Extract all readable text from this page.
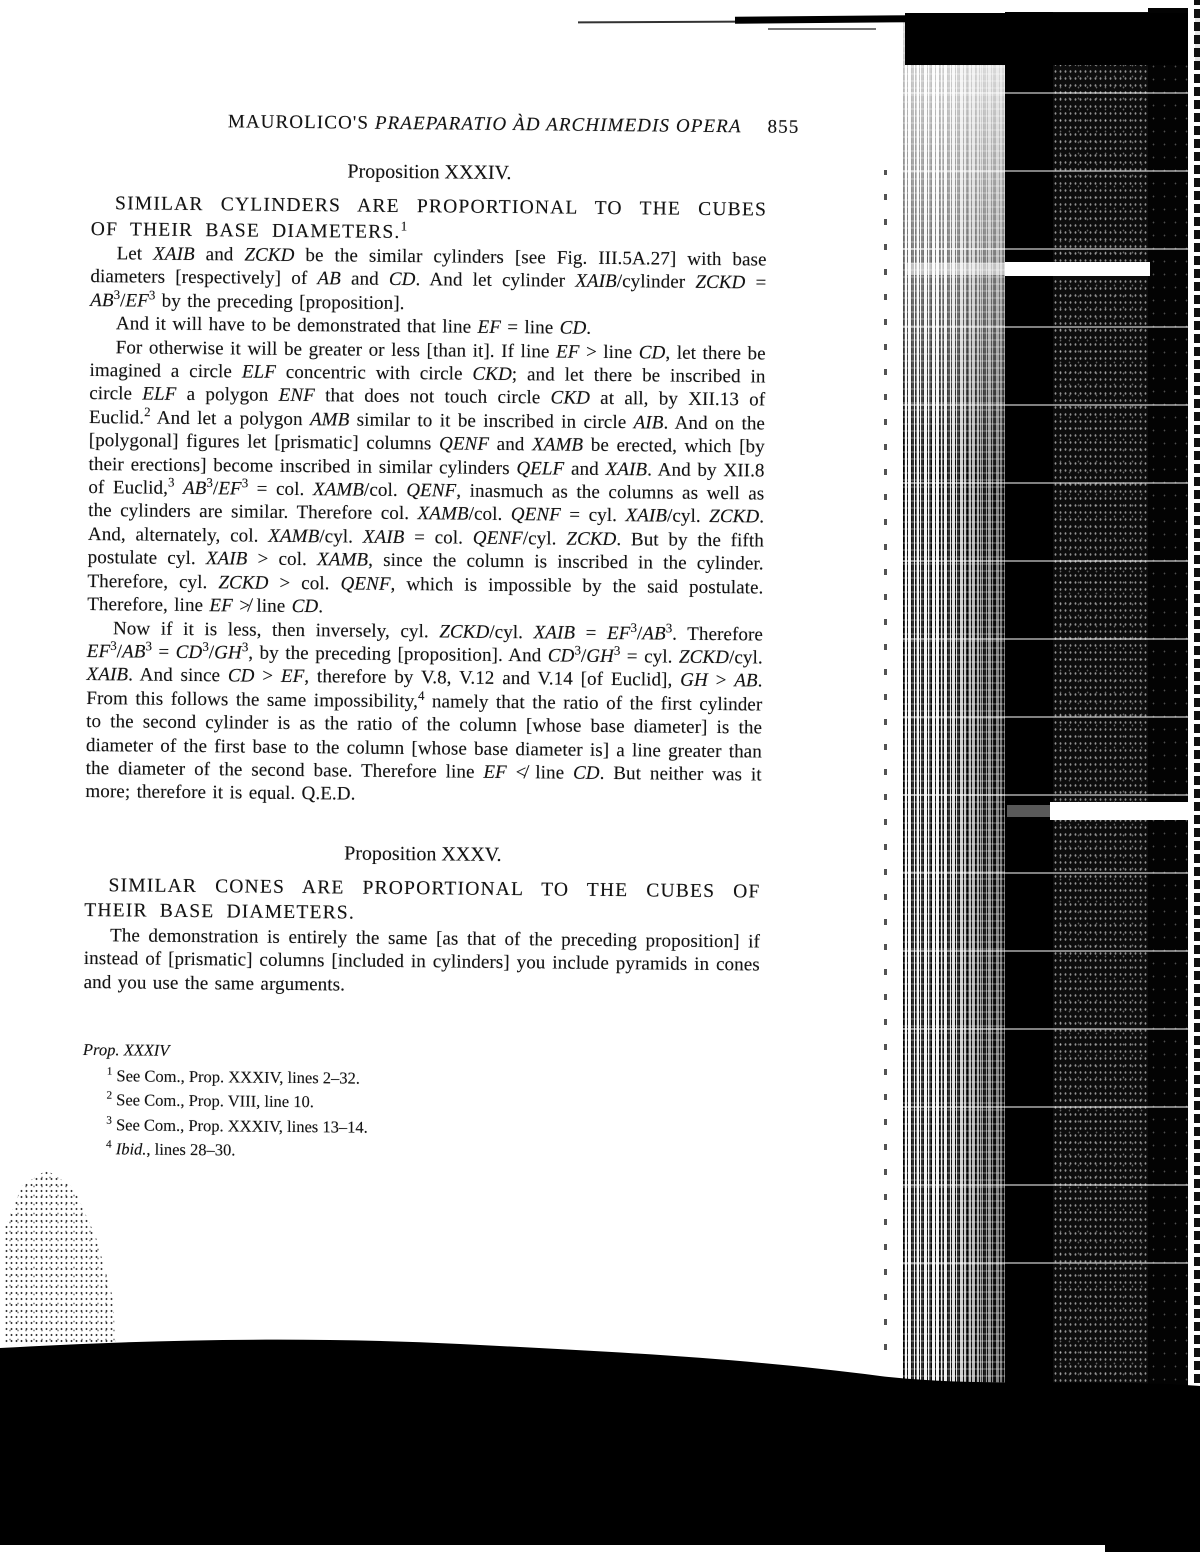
MAUROLICO'S PRAEPARATIO ÀD ARCHIMEDIS OPERA 855
Proposition XXXIV.

SIMILAR CYLINDERS ARE PROPORTIONAL TO THE CUBES OF THEIR BASE DIAMETERS.$^1$

Let XAIB and ZCKD be the similar cylinders [see Fig. III.5A.27] with base diameters [respectively] of AB and CD. And let cylinder XAIB/cylinder ZCKD = $AB^3/EF^3$ by the preceding [proposition].

And it will have to be demonstrated that line EF = line CD.

For otherwise it will be greater or less [than it]. If line EF > line CD, let there be imagined a circle ELF concentric with circle CKD; and let there be inscribed in circle ELF a polygon ENF that does not touch circle CKD at all, by XII.13 of Euclid.$^2$ And let a polygon AMB similar to it be inscribed in circle AIB. And on the [polygonal] figures let [prismatic] columns QENF and XAMB be erected, which [by their erections] become inscribed in similar cylinders QELF and XAIB. And by XII.8 of Euclid,$^3$ $AB^3/EF^3$ = col. XAMB/col. QENF, inasmuch as the columns as well as the cylinders are similar. Therefore col. XAMB/col. QENF = cyl. XAIB/cyl. ZCKD. And, alternately, col. XAMB/cyl. XAIB = col. QENF/cyl. ZCKD. But by the fifth postulate cyl. XAIB > col. XAMB, since the column is inscribed in the cylinder. Therefore, cyl. ZCKD > col. QENF, which is impossible by the said postulate. Therefore, line EF ≯ line CD.

Now if it is less, then inversely, cyl. ZCKD/cyl. XAIB = $EF^3/AB^3$. Therefore $EF^3/AB^3 = CD^3/GH^3$, by the preceding [proposition]. And $CD^3/GH^3$ = cyl. ZCKD/cyl. XAIB. And since CD > EF, therefore by V.8, V.12 and V.14 [of Euclid], GH > AB. From this follows the same impossibility,$^4$ namely that the ratio of the first cylinder to the second cylinder is as the ratio of the column [whose base diameter] is the diameter of the first base to the column [whose base diameter is] a line greater than the diameter of the second base. Therefore line EF ≮ line CD. But neither was it more; therefore it is equal. Q.E.D.

Proposition XXXV.

SIMILAR CONES ARE PROPORTIONAL TO THE CUBES OF THEIR BASE DIAMETERS.

The demonstration is entirely the same [as that of the preceding proposition] if instead of [prismatic] columns [included in cylinders] you include pyramids in cones and you use the same arguments.

Prop. XXXIV
$^1$ See Com., Prop. XXXIV, lines 2–32.
$^2$ See Com., Prop. VIII, line 10.
$^3$ See Com., Prop. XXXIV, lines 13–14.
$^4$ Ibid., lines 28–30.
